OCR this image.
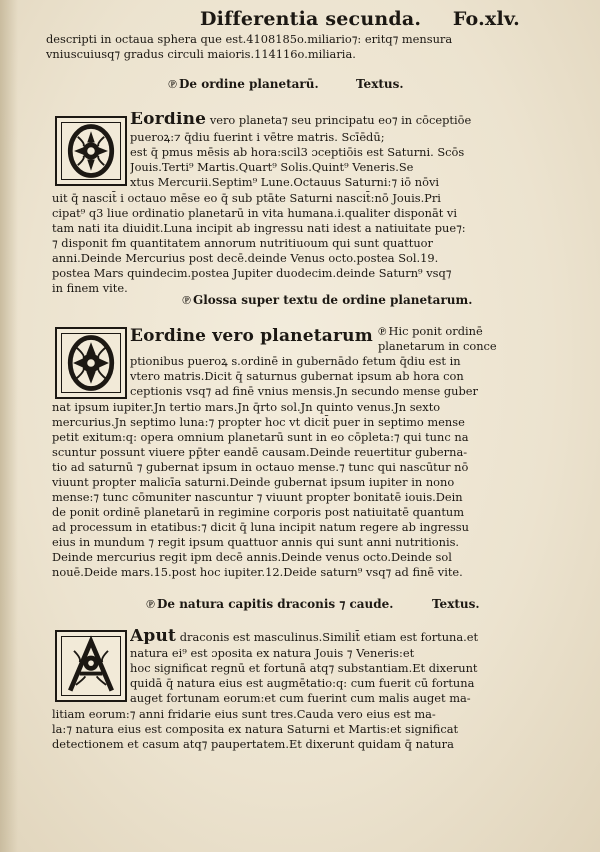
Differentia secunda. Fo.xlv.
descripti in octaua sphera que est.4108185o.miliario⁊: eritq⁊ mensura
vniuscuiusq⁊ gradus circuli maioris.114116o.miliaria.
℗ De ordine planetarū.	Textus.
Eordine vero planeta⁊ seu principatu eo⁊ in cōceptiōe
pueroꝝ:⁊ q̄diu fuerint i vētre matris. Scīēdū;
est q̄ pmus mēsis ab hora:scil3 ɔceptiōis est Saturni. Scōs
Jouis.Terti⁹ Martis.Quart⁹ Solis.Quint⁹ Veneris.Se
xtus Mercurii.Septim⁹ Lune.Octauus Saturni:⁊ iō nōvi
uit q̄ nascit̄ i octauo mēse eo q̄ sub ptāte Saturni nascit̄:nō Jouis.Pri
cipat⁹ q3 liue ordinatio planetarū in vita humana.i.qualiter disponāt vi
tam nati ita diuidit.Luna incipit ab ingressu nati idest a natiuitate pue⁊:
⁊ disponit fm quantitatem annorum nutritiuoum qui sunt quattuor
anni.Deinde Mercurius post decē.deinde Venus octo.postea Sol.19.
postea Mars quindecim.postea Jupiter duodecim.deinde Saturn⁹ vsq⁊
in finem vite.
℗ Glossa super textu de ordine planetarum.
Eordine vero planetarum ℗ Hic ponit ordinē
planetarum in conce
ptionibus pueroꝝ s.ordinē in gubernādo fetum q̄diu est in
vtero matris.Dicit q̄ saturnus gubernat ipsum ab hora con
ceptionis vsq⁊ ad finē vnius mensis.Jn secundo mense guber
nat ipsum iupiter.Jn tertio mars.Jn q̄rto sol.Jn quinto venus.Jn sexto
mercurius.Jn septimo luna:⁊ propter hoc vt dicit̄ puer in septimo mense
petit exitum:q: opera omnium planetarū sunt in eo cōpleta:⁊ qui tunc na
scuntur possunt viuere pp̄ter eandē causam.Deinde reuertitur guberna-
tio ad saturnū ⁊ gubernat ipsum in octauo mense.⁊ tunc qui nascūtur nō
viuunt propter malicīa saturni.Deinde gubernat ipsum iupiter in nono
mense:⁊ tunc cōmuniter nascuntur ⁊ viuunt propter bonitatē iouis.Dein
de ponit ordinē planetarū in regimine corporis post natiuitatē quantum
ad processum in etatibus:⁊ dicit q̄ luna incipit natum regere ab ingressu
eius in mundum ⁊ regit ipsum quattuor annis qui sunt anni nutritionis.
Deinde mercurius regit ipm decē annis.Deinde venus octo.Deinde sol
nouē.Deide mars.15.post hoc iupiter.12.Deide saturn⁹ vsq⁊ ad finē vite.
℗ De natura capitis draconis ⁊ caude.	Textus.
Aput draconis est masculinus.Similit̄ etiam est fortuna.et
natura ei⁹ est ɔposita ex natura Jouis ⁊ Veneris:et
hoc significat regnū et fortunā atq⁊ substantiam.Et dixerunt
quidā q̄ natura eius est augmētatio:q: cum fuerit cū fortuna
auget fortunam eorum:et cum fuerint cum malis auget ma-
litiam eorum:⁊ anni fridarie eius sunt tres.Cauda vero eius est ma-
la:⁊ natura eius est composita ex natura Saturni et Martis:et significat
detectionem et casum atq⁊ paupertatem.Et dixerunt quidam q̄ natura
